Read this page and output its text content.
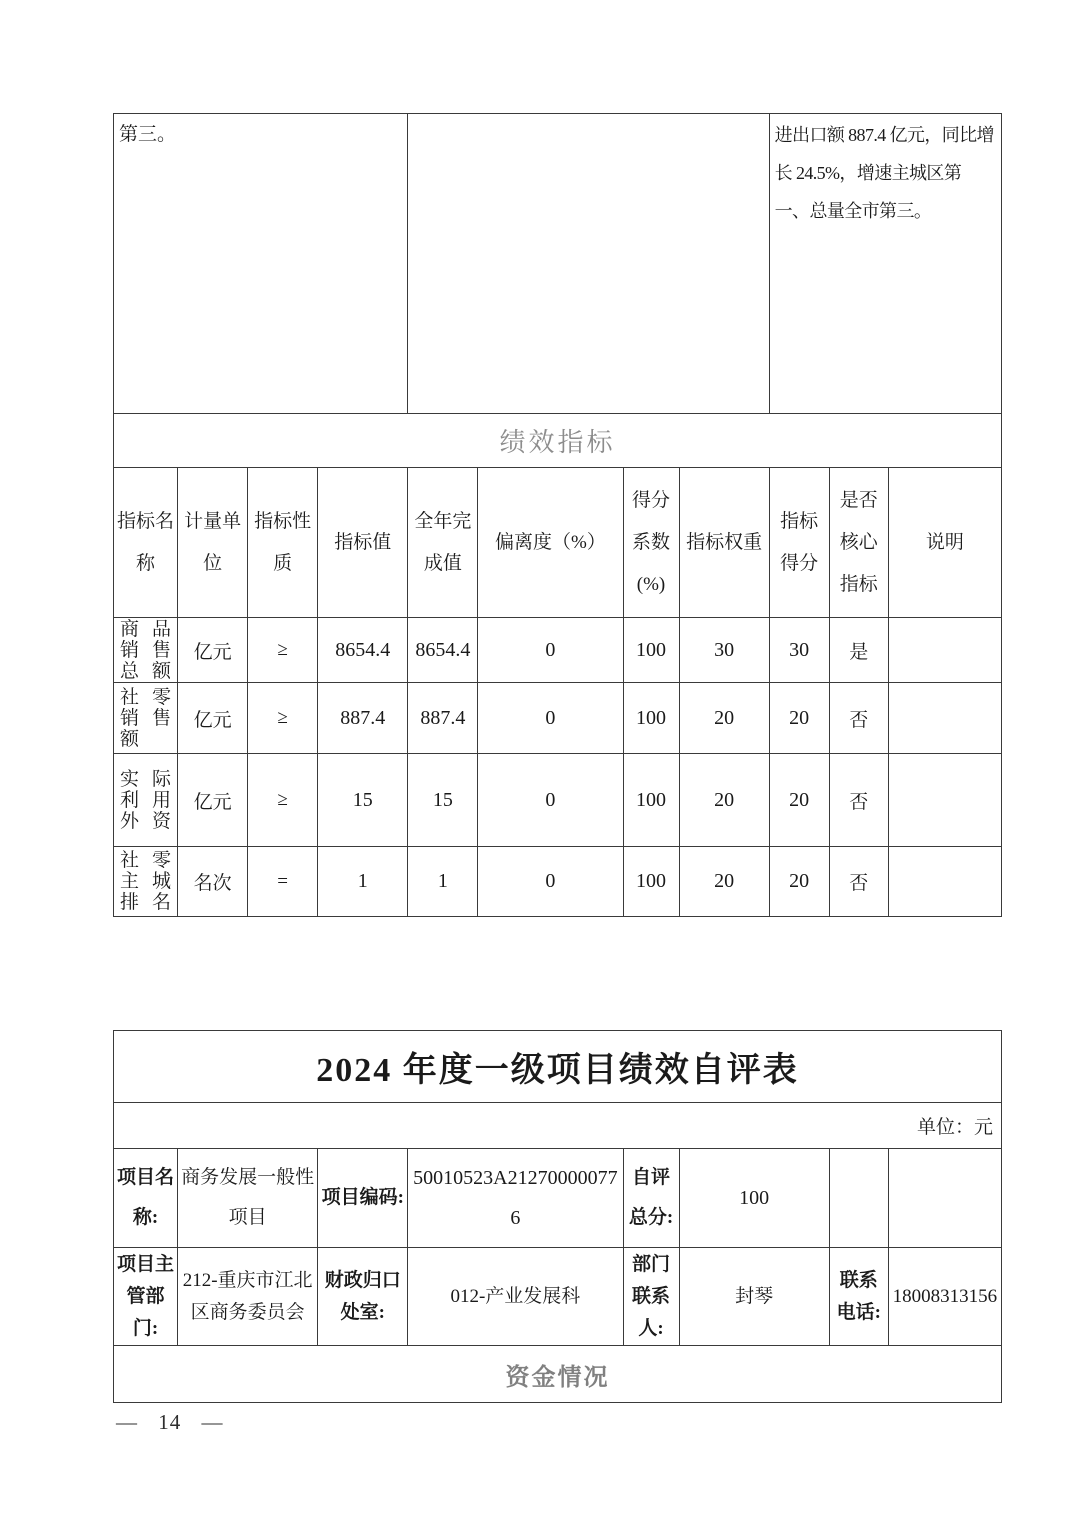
第三。								进出口额 887.4 亿元，同比增长 24.5%，增速主城区第一、总量全市第三。		
绩效指标										
指标名称	计量单位	指标性质	指标值	全年完成值	偏离度（%）	得分系数(%)	指标权重	指标得分	是否核心指标	说明
商品销售总额	亿元	≥	8654.4	8654.4	0	100	30	30	是	
社零销售额	亿元	≥	887.4	887.4	0	100	20	20	否	
实际利用外资	亿元	≥	15	15	0	100	20	20	否	
社零主城排名	名次	=	1	1	0	100	20	20	否	
2024 年度一级项目绩效自评表							
单位：元							
项目名称:	商务发展一般性项目	项目编码:	50010523A212700000776	自评总分:	100		
项目主管部门:	212-重庆市江北区商务委员会	财政归口处室:	012-产业发展科	部门联系人:	封琴	联系电话:	18008313156
资金情况							
— 14 —
